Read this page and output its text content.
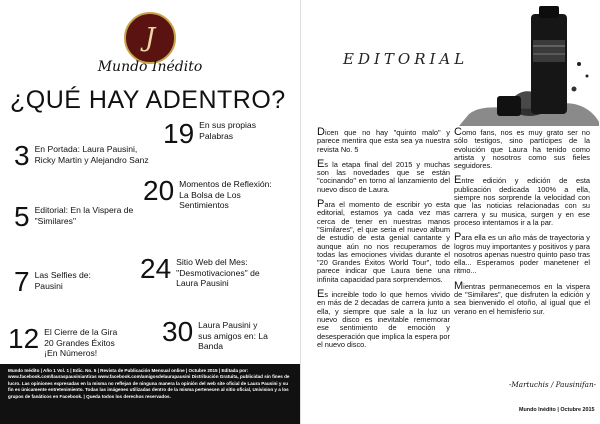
J
Mundo Inédito
¿QUÉ HAY ADENTRO?
3 En Portada: Laura Pausini, Ricky Martin y Alejandro Sanz
5 Editorial: En la Vispera de "Similares"
7 Las Selfies de: Pausini
12 El Cierre de la Gira 20 Grandes Éxitos ¡En Números!
19 En sus propias Palabras
20 Momentos de Reflexión: La Bolsa de Los Sentimientos
24 Sitio Web del Mes: "Desmotivaciones" de Laura Pausini
30 Laura Pausini y sus amigos en: La Banda
Mundo Inédito | Año 1 Vol. 1 | Edic. No. 5 | Revista de Publicación Mensual online | Octubre 2015 | Editada por: www.facebook.com/lauraspausiniantiras www.facebook.com/amigosdelaurapausini Distribución Gratuita, publicidad sin fines de lucro. Las opiniones expresadas en la misma no reflejan de ninguna manera la opinión del web site oficial de Laura Pausini y su fin es únicamente entretenimiento. Todas las imágenes utilizadas dentro de la misma pertenecen al sitio oficial, Univision y a los grupos de fanáticos en Facebook. | Queda todos los derechos reservados.
EDITORIAL

Dicen que no hay "quinto malo" y parece mentira que esta sea ya nuestra revista No. 5

Es la etapa final del 2015 y muchas son las novedades que se están "cocinando" en torno al lanzamiento del nuevo disco de Laura.

Para el momento de escribir yo esta editorial, estamos ya cada vez mas cerca de tener en nuestras manos "Similares", el que seria el nuevo album de estudio de esta genial cantante y aunque aún no nos recuperamos de todas las emociones vividas durante el "20 Grandes Éxitos World Tour", todo parece indicar que Laura tiene una infinita capacidad para sorprendernos.

Es increible todo lo que hemos vivido en más de 2 decadas de carrera junto a ella, y siempre que sale a la luz un nuevo disco es inevitable rememorar ese sentimiento de emoción y desesperación que implica la espera por el nuevo disco.

Como fans, nos es muy grato ser no sólo testigos, sino partícipes de la evolución que Laura ha tenido como artista y nosotros como sus fieles seguidores.

Entre edición y edición de esta publicación dedicada 100% a ella, siempre nos sorprende la velocidad con que las noticias relacionadas con su carrera y su musica, surgen y en ese proceso intentamos ir a la par.

Para ella es un año más de trayectoria y logros muy importantes y positivos y para nosotros apenas nuestro quinto paso tras ella... Esperamos poder manetener el ritmo...

Mientras permanecemos en la vispera de "Similares", que disfruten la edición y sea bienvenido el otoño, al igual que el verano en el hemisferio sur.

-Martuchis / Pausinifan-
Mundo Inédito | Octubre 2015
